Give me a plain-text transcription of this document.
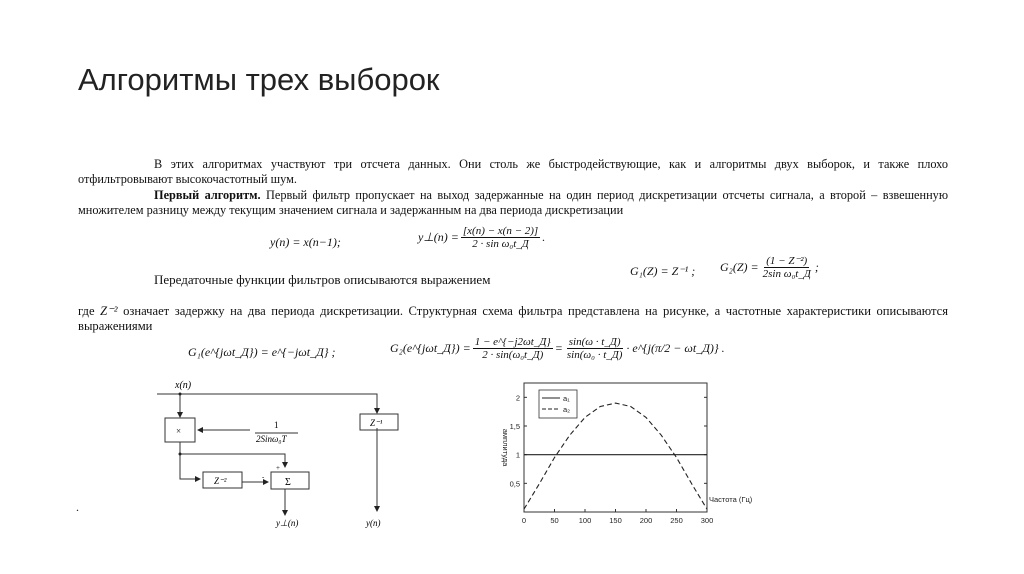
Алгоритмы трех выборок
В этих алгоритмах участвуют три отсчета данных. Они столь же быстродействующие, как и алгоритмы двух выборок, и также плохо отфильтровывают высокочастотный шум.
Первый алгоритм. Первый фильтр пропускает на выход задержанные на один период дискретизации отсчеты сигнала, а второй – взвешенную множителем разницу между текущим значением сигнала и задержанным на два периода дискретизации
y(n) = x(n−1);	y⊥(n) = $\frac{[x(n) - x(n - 2)]}{\text{2 · sin ω₀t\_Д}}$ .
Передаточные функции фильтров описываются выражением
G₁(Z) = Z⁻¹ ; $G_2(Z) = \frac{\text{(1 − Z⁻²)}}{\text{2sin ω₀t\_Д}}$ ;
где Z⁻² означает задержку на два периода дискретизации. Структурная схема фильтра представлена на рисунке, а частотные характеристики описываются выражениями
G₁(e^{jωt_Д}) = e^{−jωt_Д} ;	G₂(e^{jωt_Д}) = $\frac{1 - e\^{}\{-j2\omega t\_Д\}}{\text{2 · sin(ω₀t\_Д)}} = \frac{\sin(\omega \cdot t\_Д)}{\text{sin(ω₀ · t\_Д)}}$ · e^{j(π/2 − ωt_Д)} .
x(n)
×
1
2Sinω₀T
Z⁻²	Σ
+
-
Z⁻¹
y⊥(n)	y(n)
.
0	50	100 150 200 250 300
0,5
1
1,5
2
Частота (Гц)
амплитуда
a₁
a₂
